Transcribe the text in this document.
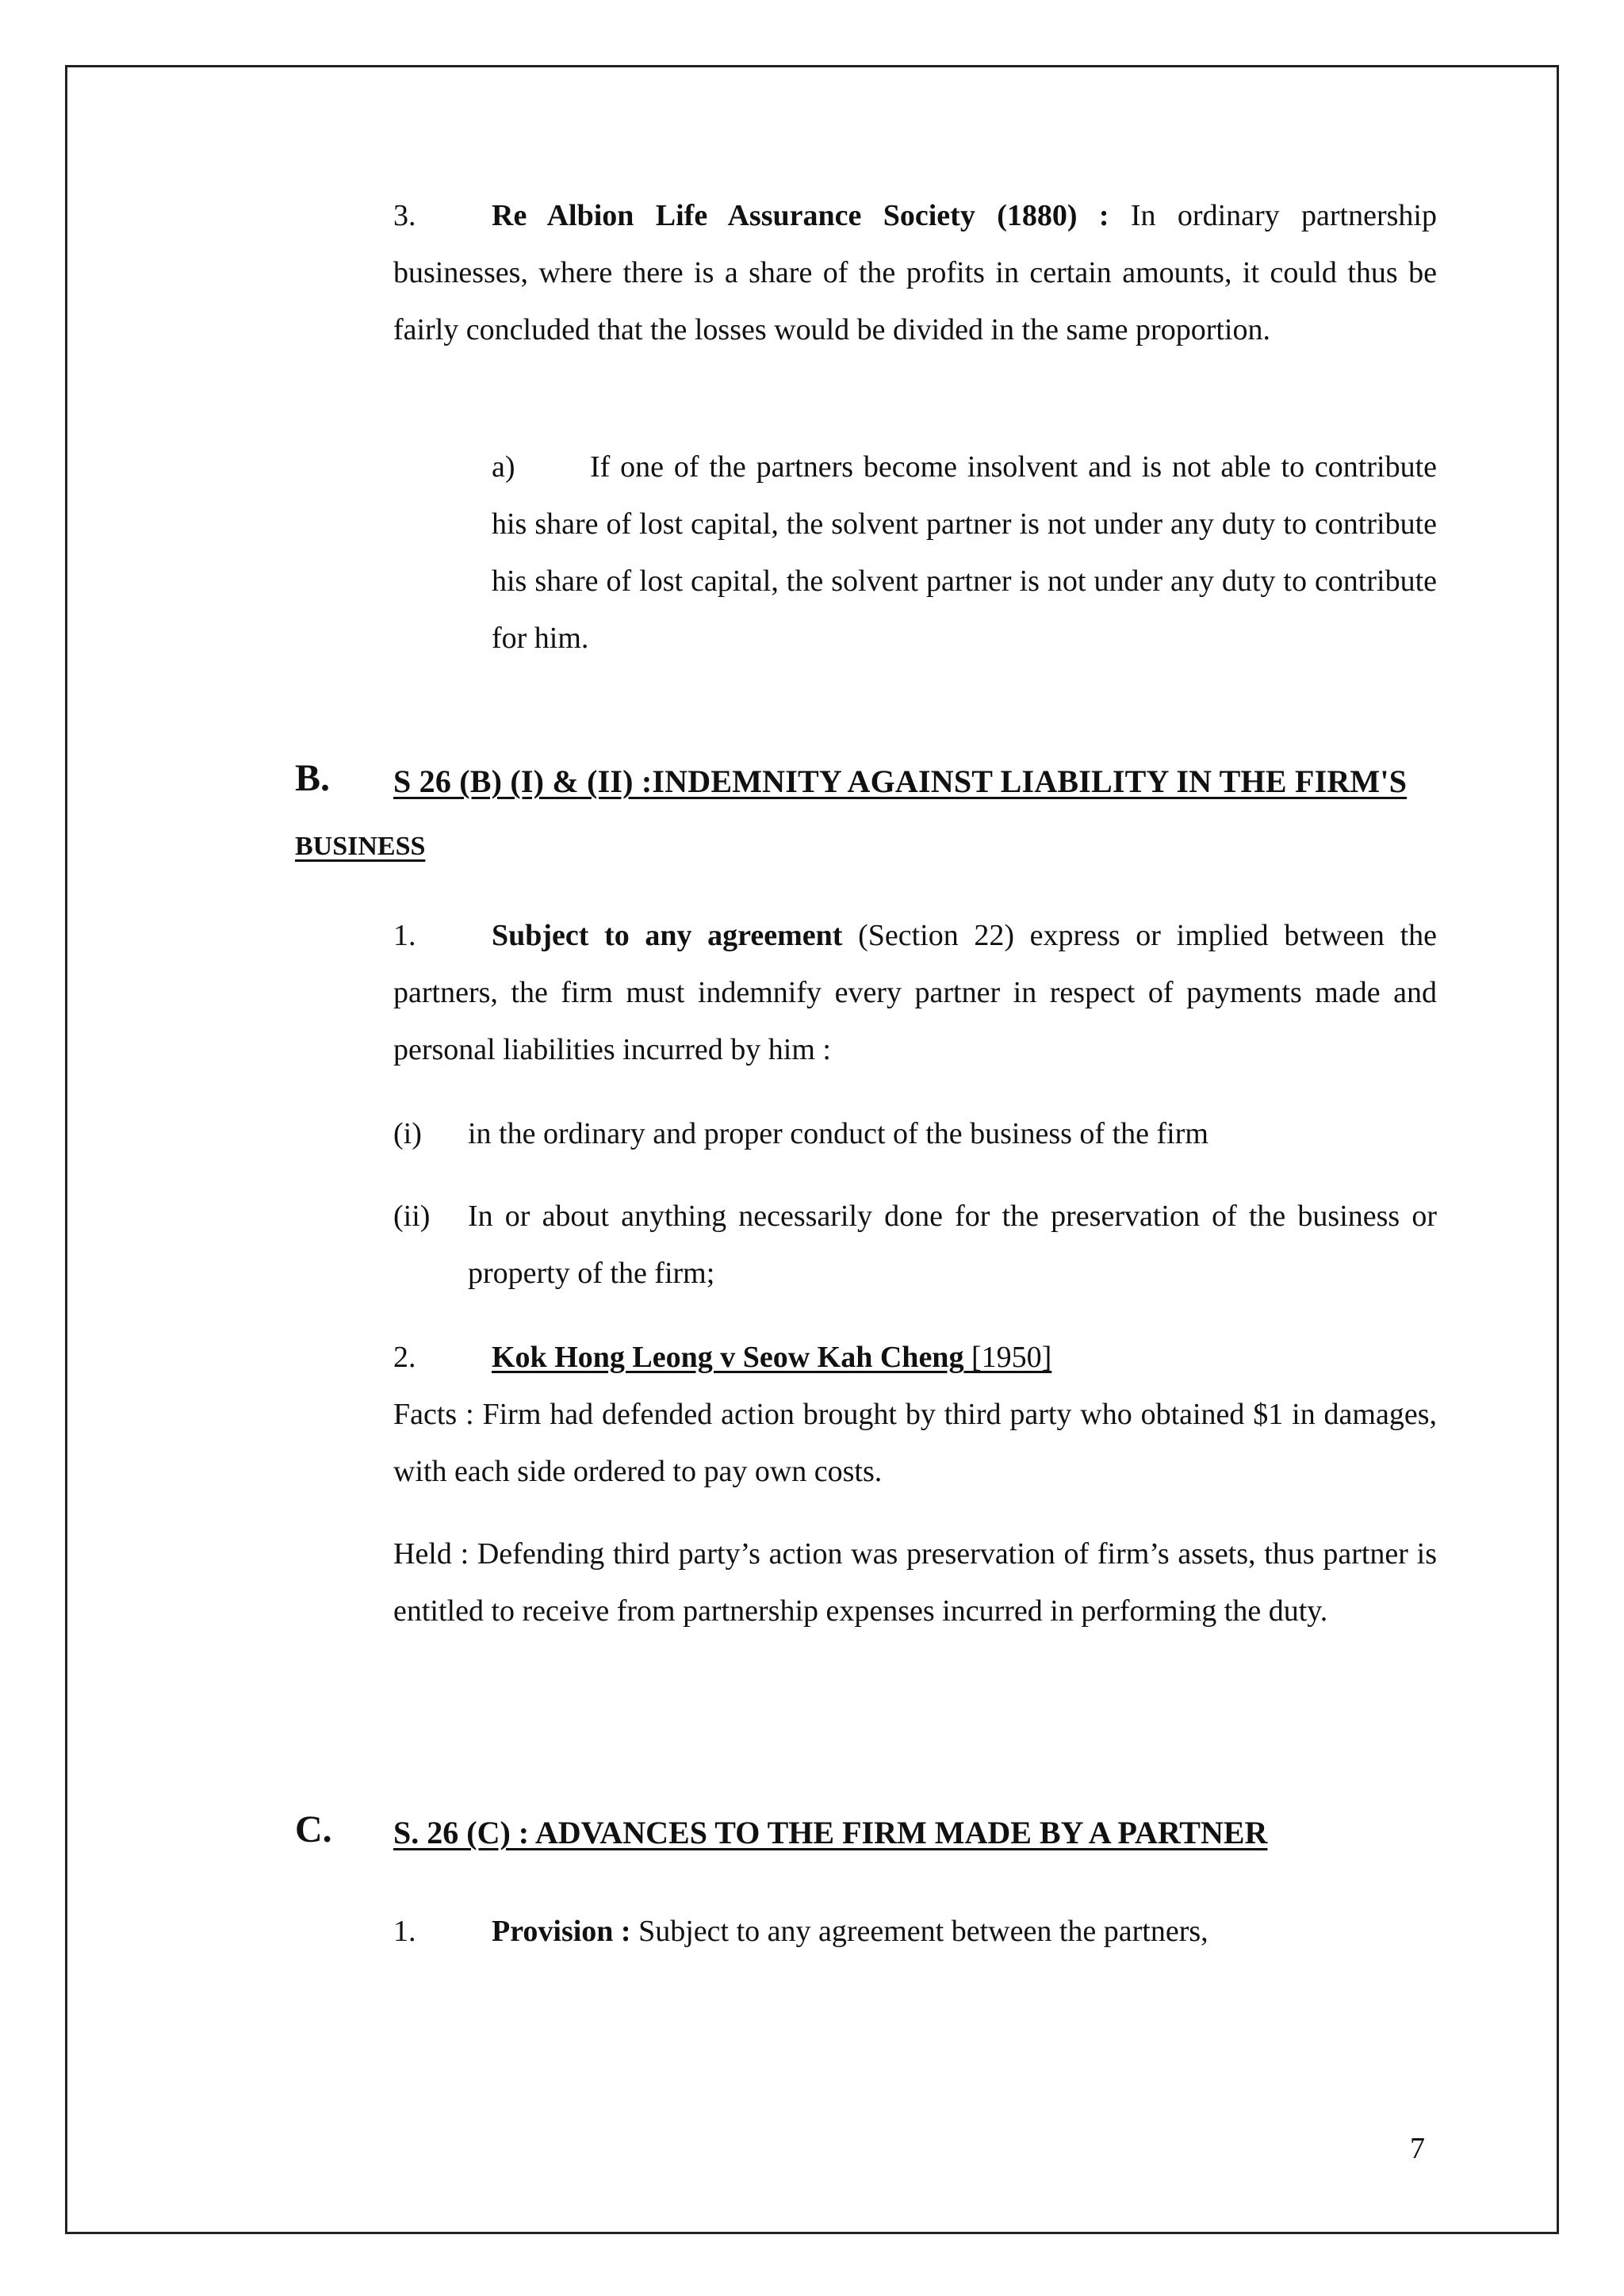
3.	Re Albion Life Assurance Society (1880) : In ordinary partnership businesses, where there is a share of the profits in certain amounts, it could thus be fairly concluded that the losses would be divided in the same proportion.
a) If one of the partners become insolvent and is not able to contribute his share of lost capital, the solvent partner is not under any duty to contribute his share of lost capital, the solvent partner is not under any duty to contribute for him.
B. S 26 (B) (I) & (II) :INDEMNITY AGAINST LIABILITY IN THE FIRM'S
BUSINESS
1.	Subject to any agreement (Section 22) express or implied between the partners, the firm must indemnify every partner in respect of payments made and personal liabilities incurred by him :
(i) in the ordinary and proper conduct of the business of the firm
(ii) In or about anything necessarily done for the preservation of the business or property of the firm;
2.	Kok Hong Leong v Seow Kah Cheng [1950]
Facts : Firm had defended action brought by third party who obtained $1 in damages, with each side ordered to pay own costs.
Held : Defending third party’s action was preservation of firm’s assets, thus partner is entitled to receive from partnership expenses incurred in performing the duty.
C. S. 26 (C) : ADVANCES TO THE FIRM MADE BY A PARTNER
1.	Provision : Subject to any agreement between the partners,
7
